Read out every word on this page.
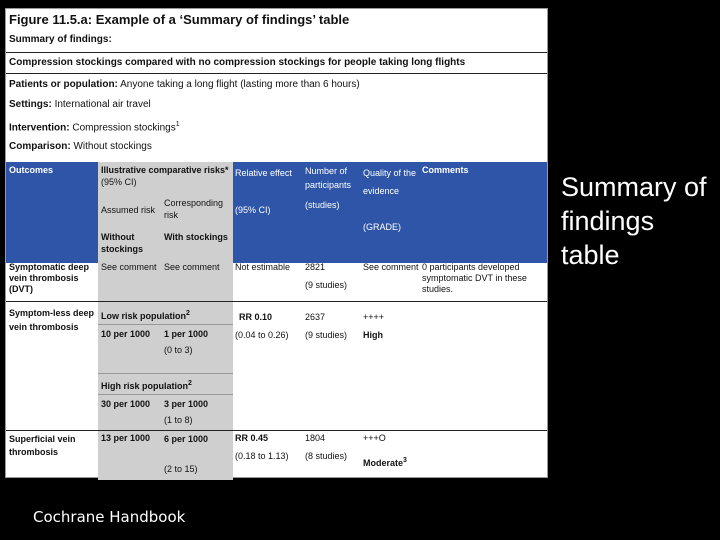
Figure 11.5.a: Example of a ‘Summary of findings’ table
Summary of findings:
Compression stockings compared with no compression stockings for people taking long flights
Patients or population: Anyone taking a long flight (lasting more than 6 hours)
Settings: International air travel
Intervention: Compression stockings$^1$
Comparison: Without stockings
Outcomes	Illustrative comparative risks*
(95% CI)
Assumed risk
Corresponding risk
Without stockings
With stockings
Relative effect
(95% CI)
Number of participants
(studies)
Quality of the evidence
(GRADE)
Comments
Symptomatic deep vein thrombosis (DVT)
See comment See comment Not estimable 2821
(9 studies)
See comment 0 participants developed symptomatic DVT in these studies.
Symptom-less deep vein thrombosis
Low risk population$^2$
10 per 1000 1 per 1000
(0 to 3)
High risk population$^2$
30 per 1000 3 per 1000
(1 to 8)
RR 0.10
(0.04 to 0.26)
2637
(9 studies)
++++
High
Superficial vein thrombosis
13 per 1000 6 per 1000
(2 to 15)
RR 0.45
(0.18 to 1.13)
1804
(8 studies)
+++O
Moderate$^3$
Summary of findings table
Cochrane Handbook
